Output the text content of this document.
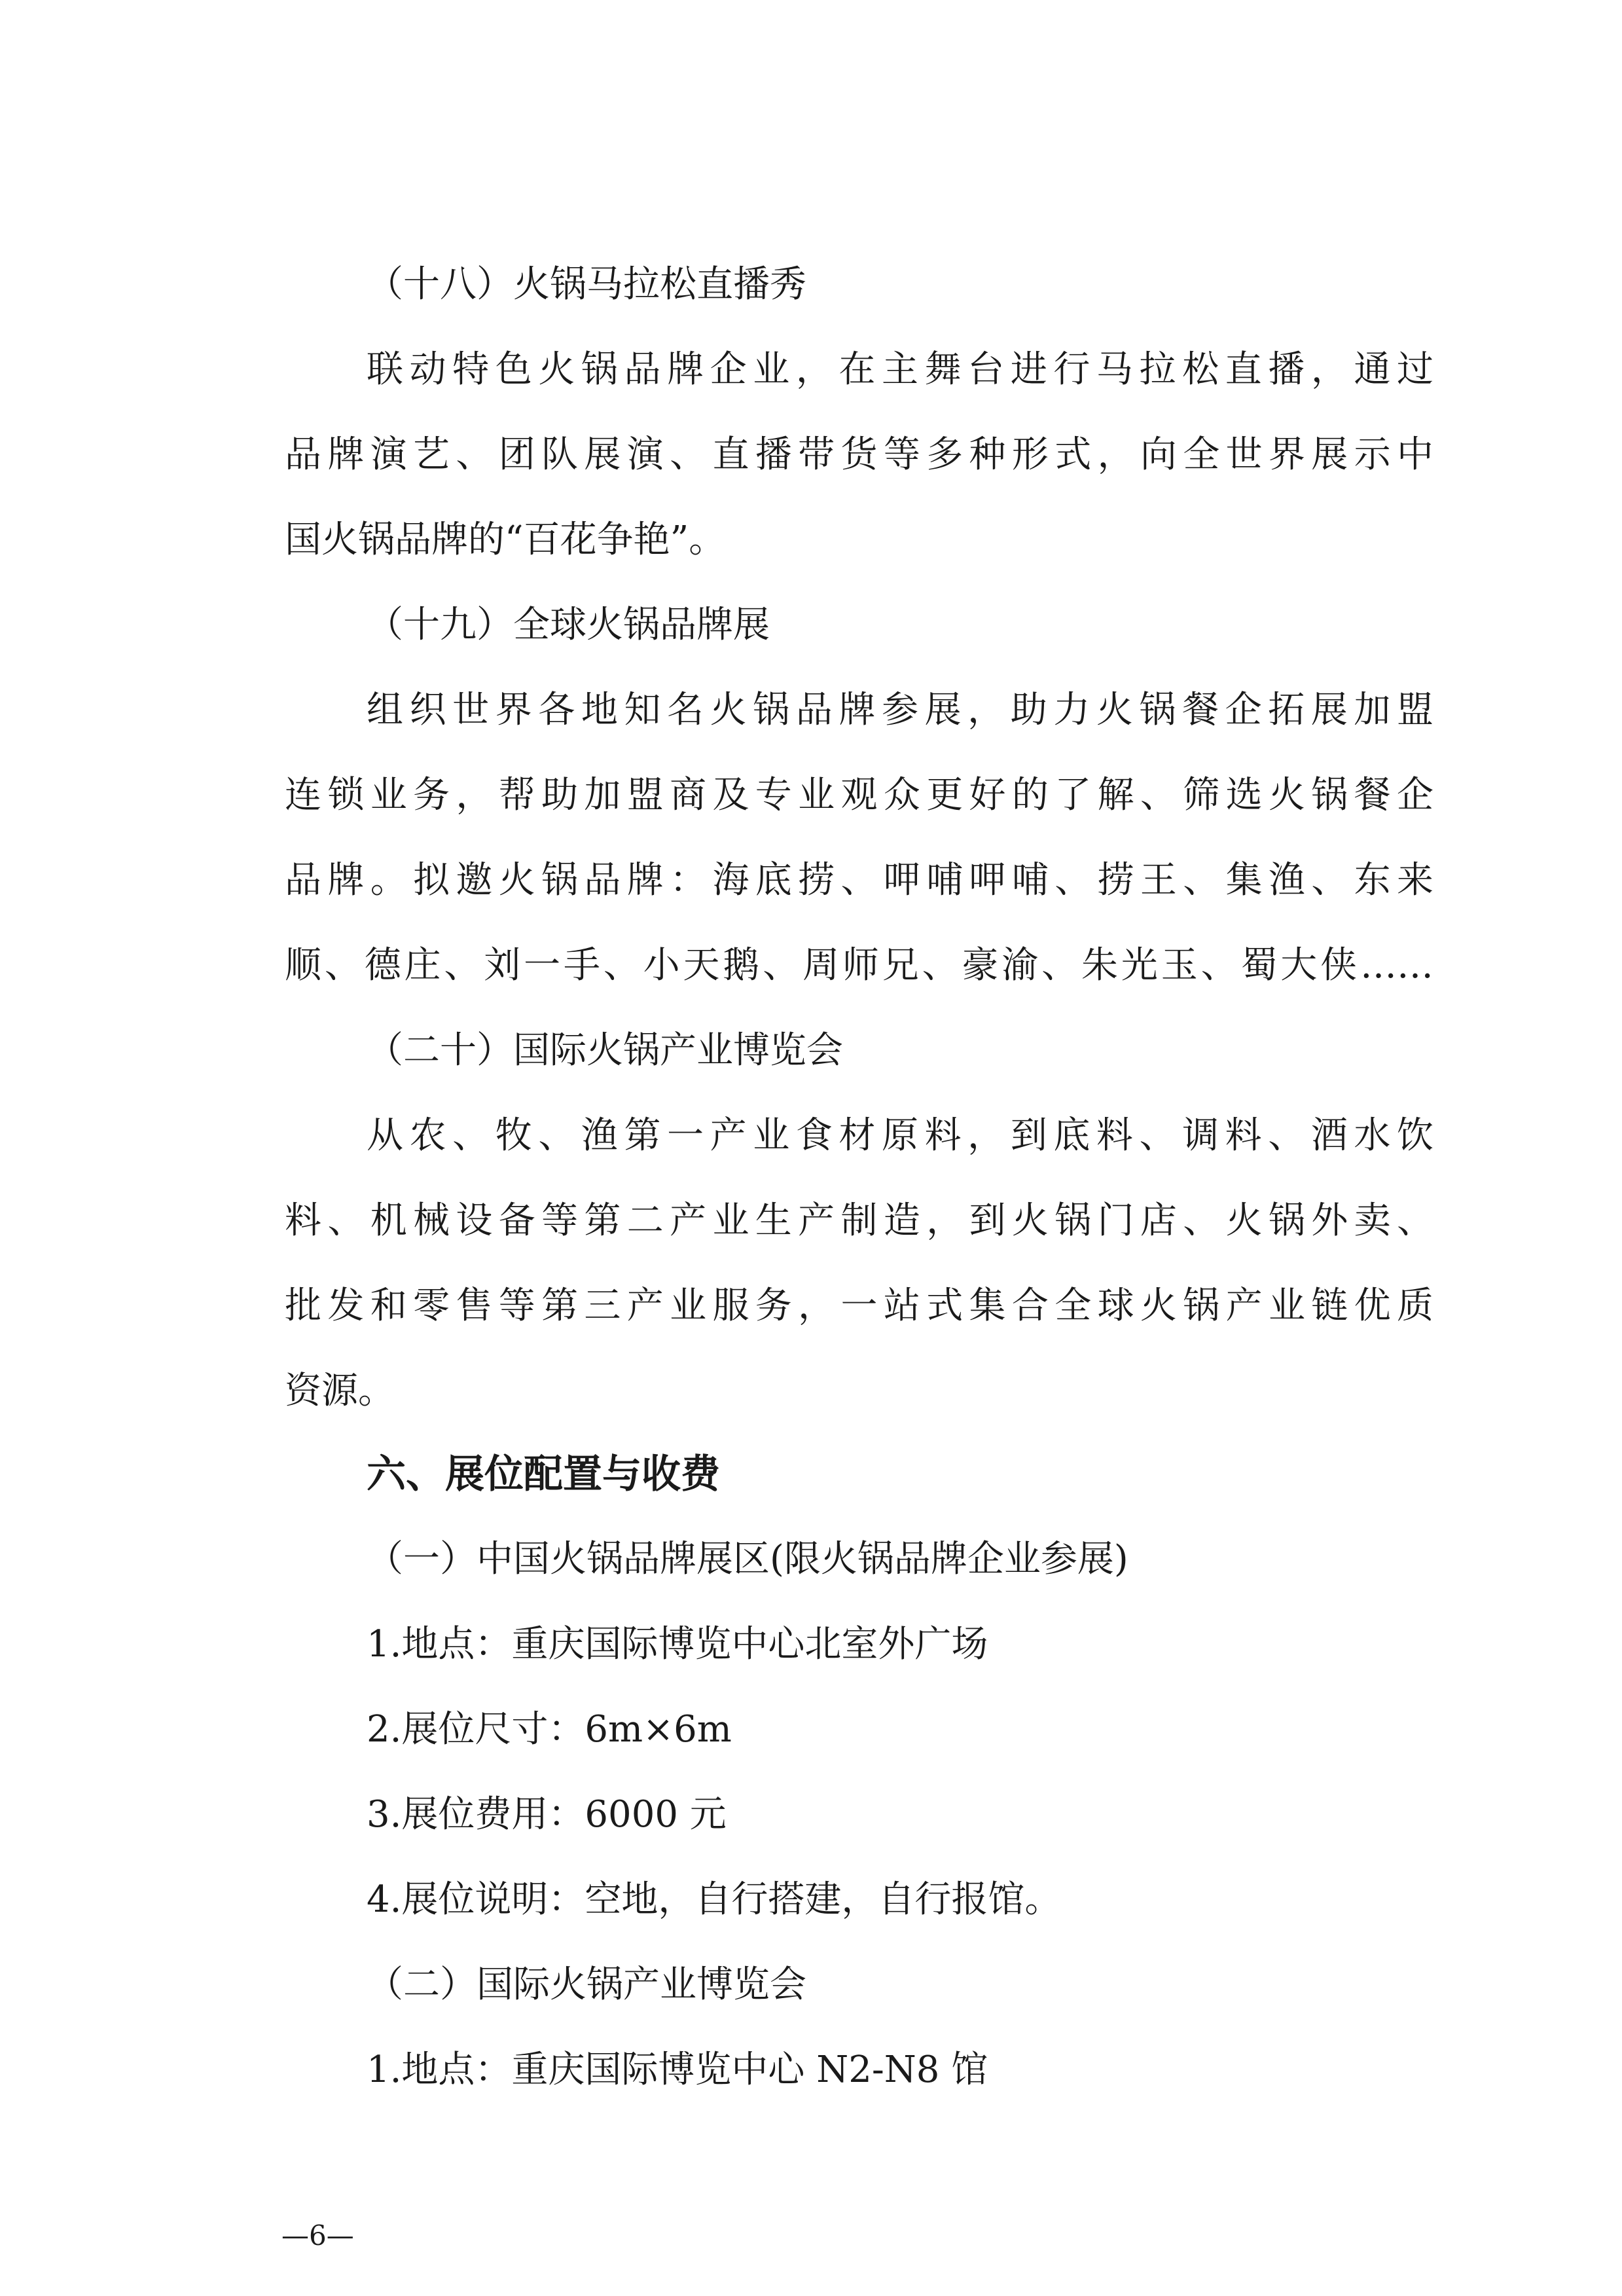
（十八）火锅马拉松直播秀

联动特色火锅品牌企业，在主舞台进行马拉松直播，通过

品牌演艺、团队展演、直播带货等多种形式，向全世界展示中

国火锅品牌的“百花争艳”。

（十九）全球火锅品牌展

组织世界各地知名火锅品牌参展，助力火锅餐企拓展加盟

连锁业务，帮助加盟商及专业观众更好的了解、筛选火锅餐企

品牌。拟邀火锅品牌：海底捞、呷哺呷哺、捞王、集渔、东来

顺、德庄、刘一手、小天鹅、周师兄、豪渝、朱光玉、蜀大侠……

（二十）国际火锅产业博览会

从农、牧、渔第一产业食材原料，到底料、调料、酒水饮

料、机械设备等第二产业生产制造，到火锅门店、火锅外卖、

批发和零售等第三产业服务，一站式集合全球火锅产业链优质

资源。

六、展位配置与收费

（一）中国火锅品牌展区(限火锅品牌企业参展)

1.地点：重庆国际博览中心北室外广场

2.展位尺寸：6m×6m

3.展位费用：6000 元

4.展位说明：空地，自行搭建，自行报馆。

（二）国际火锅产业博览会

1.地点：重庆国际博览中心 N2-N8 馆

—6—
